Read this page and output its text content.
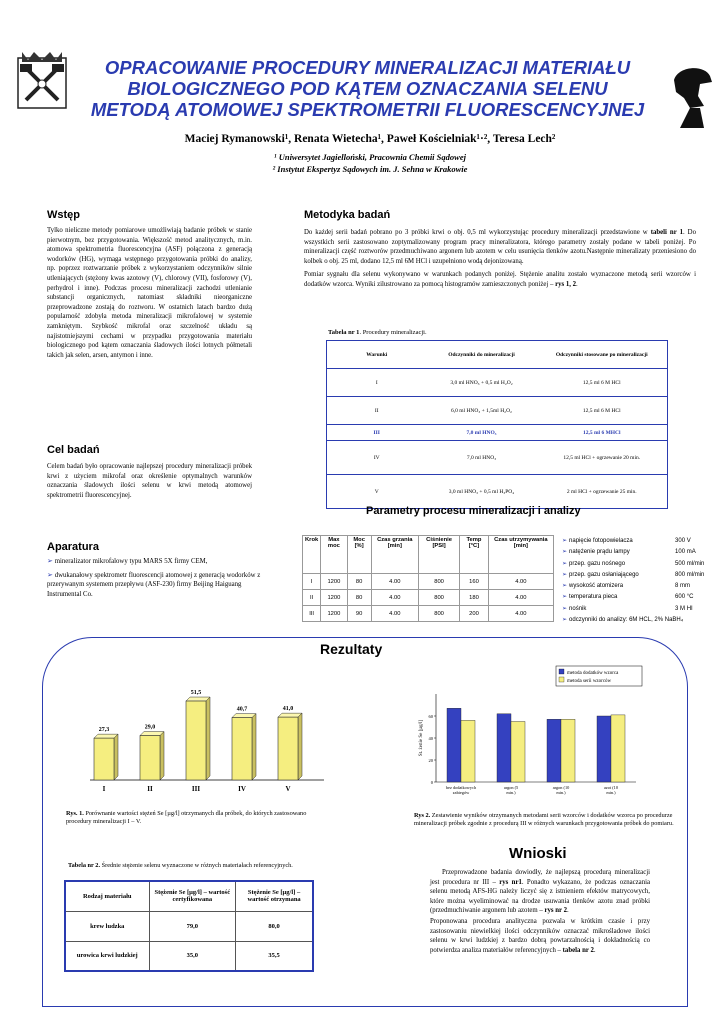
OPRACOWANIE PROCEDURY MINERALIZACJI MATERIAŁU BIOLOGICZNEGO POD KĄTEM OZNACZANIA SELENU METODĄ ATOMOWEJ SPEKTROMETRII FLUORESCENCYJNEJ
Maciej Rymanowski¹, Renata Wietecha¹, Paweł Kościelniak¹·², Teresa Lech²
¹ Uniwersytet Jagielloński, Pracownia Chemii Sądowej
² Instytut Ekspertyz Sądowych im. J. Sehna w Krakowie
Wstęp
Tylko nieliczne metody pomiarowe umożliwiają badanie próbek w stanie pierwotnym, bez przygotowania. Większość metod analitycznych, m.in. atomowa spektrometria fluorescencyjna (ASF) połączona z generacją wodorków (HG), wymaga wstępnego przygotowania próbki do analizy, np. poprzez roztwarzanie próbek z wykorzystaniem odczynników silnie utleniających (stężony kwas azotowy (V), chlorowy (VII), fosforowy (V), perhydrol i inne). Podczas procesu mineralizacji zachodzi utlenianie substancji organicznych, natomiast składniki nieorganiczne przeprowadzone zostają do roztworu. W ostatnich latach bardzo dużą popularność zdobyła metoda mineralizacji mikrofalowej w systemie zamkniętym. Szybkość mikrofal oraz szczelność układu są najistotniejszymi cechami w przypadku przygotowania materiału biologicznego pod kątem oznaczania śladowych ilości lotnych półmetali takich jak selen, arsen, antymon i inne.
Cel badań
Celem badań było opracowanie najlepszej procedury mineralizacji próbek krwi z użyciem mikrofal oraz określenie optymalnych warunków oznaczania śladowych ilości selenu w krwi metodą atomowej spektrometrii fluorescencyjnej.
Aparatura
➢ mineralizator mikrofalowy typu MARS 5X firmy CEM,
➢ dwukanałowy spektrometr fluorescencji atomowej z generacją wodorków z przerywanym systemem przepływu (ASF-230) firmy Beijing Haiguang Instrumental Co.
Metodyka badań

Do każdej serii badań pobrano po 3 próbki krwi o obj. 0,5 ml wykorzystując procedury mineralizacji przedstawione w tabeli nr 1. Do wszystkich serii zastosowano zoptymalizowany program pracy mineralizatora, którego parametry zostały podane w tabeli poniżej. Po mineralizacji część roztworów przedmuchiwano argonem lub azotem w celu usunięcia tlenków azotu.Następnie mineralizaty przeniesiono do kolbek o obj. 25 ml, dodano 12,5 ml 6M HCl i uzupełniono wodą dejonizowaną.

Pomiar sygnału dla selenu wykonywano w warunkach podanych poniżej. Stężenie analitu zostało wyznaczone metodą serii wzorców i dodatków wzorca. Wyniki zilustrowano za pomocą histogramów zamieszczonych poniżej – rys 1, 2.

Tabela nr 1. Procedury mineralizacji.
Warunki	Odczynniki do mineralizacji	Odczynniki stosowane po mineralizacji
I	3,0 ml HNO₃ + 0,5 ml H₂O₂	12,5 ml 6 M HCl
II	6,0 ml HNO₃ + 1,5ml H₂O₂	12,5 ml 6 M HCl
III	7,0 ml HNO₃	12,5 ml 6 MHCl
IV	7,0 ml HNO₃	12,5 ml HCl + ogrzewanie 20 min.
V	3,0 ml HNO₃ + 0,5 ml H₃PO₄	2 ml HCl + ogrzewanie 25 min.
Parametry procesu mineralizacji i analizy
Krok	Max moc	Moc [%]	Czas grzania [min]	Ciśnienie [PSI]	Temp [°C]	Czas utrzymywania [min]
I	1200	80	4.00	800	160	4.00
II	1200	80	4.00	800	180	4.00
III	1200	90	4.00	800	200	4.00
➢ napięcie fotopowielacza	300 V
➢ natężenie prądu lampy	100 mA
➢ przep. gazu nośnego	500 ml/min
➢ przep. gazu osłaniającego	800 ml/min
➢ wysokość atomizera	8 mm
➢ temperatura pieca	600 °C
➢ nośnik	3 M HI
➢ odczynniki do analizy: 6M HCL, 2% NaBH₄
Rezultaty
27,3
I
29,0
II
51,5
III
40,7
IV
41,0
V
Rys. 1. Porównanie wartości stężeń Se [µg/l] otrzymanych dla próbek, do których zastosowano procedury mineralizacji I – V.
metoda dodatków wzorca
metoda serii wzorców
0
20
40
60
St. żenie Se [µg/l]
bez dodatkowych
zabiegów
argon (5
min.)
argon (10
min.)
azot (10
min.)
Rys 2. Zestawienie wyników otrzymanych metodami serii wzorców i dodatków wzorca po procedurze mineralizacji próbek zgodnie z procedurą III w różnych warunkach przygotowania próbek do pomiaru.
Tabela nr 2. Średnie stężenie selenu wyznaczone w różnych materiałach referencyjnych.
Rodzaj materiału	Stężenie Se [µg/l] – wartość certyfikowana	Stężenie Se [µg/l] – wartość otrzymana
krew ludzka	79,0	80,0
urowica krwi ludzkiej	35,0	35,5
Wnioski

Przeprowadzone badania dowiodły, że najlepszą procedurą mineralizacji jest procedura nr III – rys nr1. Ponadto wykazano, że podczas oznaczania selenu metodą AFS-HG należy liczyć się z istnieniem efektów matrycowych, które można wyeliminować na drodze usuwania tlenków azotu znad próbki (przedmuchiwanie argonem lub azotem – rys nr 2.

Proponowana procedura analityczna pozwala w krótkim czasie i przy zastosowaniu niewielkiej ilości odczynników oznaczać mikrośladowe ilości selenu w krwi ludzkiej z bardzo dobrą powtarzalnością i dokładnością co potwierdza analiza materiałów referencyjnych – tabela nr 2.
